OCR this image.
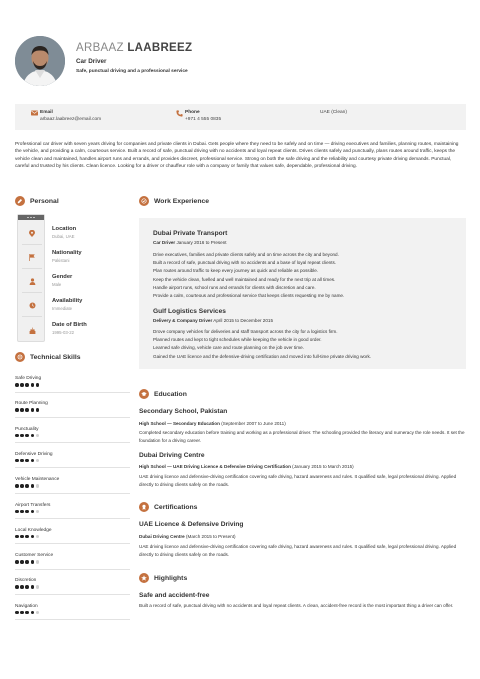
ARBAAZ LAABREEZ
Car Driver
Safe, punctual driving and a professional service
Email
arbaaz.laabreez@email.com
Phone
+971 4 555 0835
UAE (Clean)
Professional car driver with seven years driving for companies and private clients in Dubai. Gets people where they need to be safely and on time — driving executives and families, planning routes, maintaining the vehicle, and providing a calm, courteous service. Built a record of safe, punctual driving with no accidents and loyal repeat clients. Drives clients safely and punctually, plans routes around traffic, keeps the vehicle clean and maintained, handles airport runs and errands, and provides discreet, professional service. Strong on both the safe driving and the reliability and courtesy private driving demands. Punctual, careful and trusted by his clients. Clean licence. Looking for a driver or chauffeur role with a company or family that values safe, dependable, professional driving.
Personal
Location
Dubai, UAE
Nationality
Pakistani
Gender
Male
Availability
Immediate
Date of Birth
1995-03-22
Technical Skills
Safe Driving
Route Planning
Punctuality
Defensive Driving
Vehicle Maintenance
Airport Transfers
Local Knowledge
Customer Service
Discretion
Navigation
Work Experience
Dubai Private Transport
Car Driver January 2016 to Present
Drive executives, families and private clients safely and on time across the city and beyond.
Built a record of safe, punctual driving with no accidents and a base of loyal repeat clients.
Plan routes around traffic to keep every journey as quick and reliable as possible.
Keep the vehicle clean, fuelled and well maintained and ready for the next trip at all times.
Handle airport runs, school runs and errands for clients with discretion and care.
Provide a calm, courteous and professional service that keeps clients requesting me by name.
Gulf Logistics Services
Delivery & Company Driver April 2015 to December 2015
Drove company vehicles for deliveries and staff transport across the city for a logistics firm.
Planned routes and kept to tight schedules while keeping the vehicle in good order.
Learned safe driving, vehicle care and route planning on the job over time.
Gained the UAE licence and the defensive-driving certification and moved into full-time private driving work.
Education
Secondary School, Pakistan
High School — Secondary Education (September 2007 to June 2011)
Completed secondary education before training and working as a professional driver. The schooling provided the literacy and numeracy the role needs. It set the foundation for a driving career.
Dubai Driving Centre
High School — UAE Driving Licence & Defensive Driving Certification (January 2015 to March 2015)
UAE driving licence and defensive-driving certification covering safe driving, hazard awareness and rules. It qualified safe, legal professional driving. Applied directly to driving clients safely on the roads.
Certifications
UAE Licence & Defensive Driving
Dubai Driving Centre (March 2015 to Present)
UAE driving licence and defensive-driving certification covering safe driving, hazard awareness and rules. It qualified safe, legal professional driving. Applied directly to driving clients safely on the roads.
Highlights
Safe and accident-free
Built a record of safe, punctual driving with no accidents and loyal repeat clients. A clean, accident-free record is the most important thing a driver can offer.
